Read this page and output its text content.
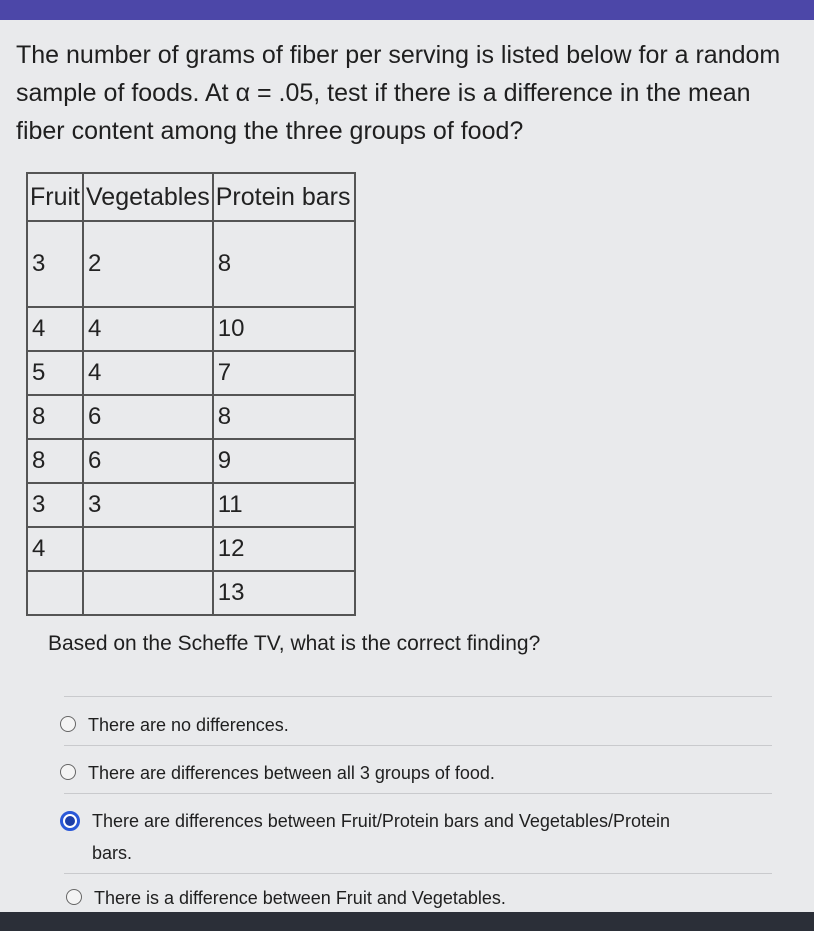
The number of grams of fiber per serving is listed below for a random
sample of foods. At α = .05, test if there is a difference in the mean
fiber content among the three groups of food?
Fruit	Vegetables	Protein bars
3	2	8
4	4	10
5	4	7
8	6	8
8	6	9
3	3	11
4		12
		13
Based on the Scheffe TV, what is the correct finding?
There are no differences.
There are differences between all 3 groups of food.
There are differences between Fruit/Protein bars and Vegetables/Protein
bars.
There is a difference between Fruit and Vegetables.
